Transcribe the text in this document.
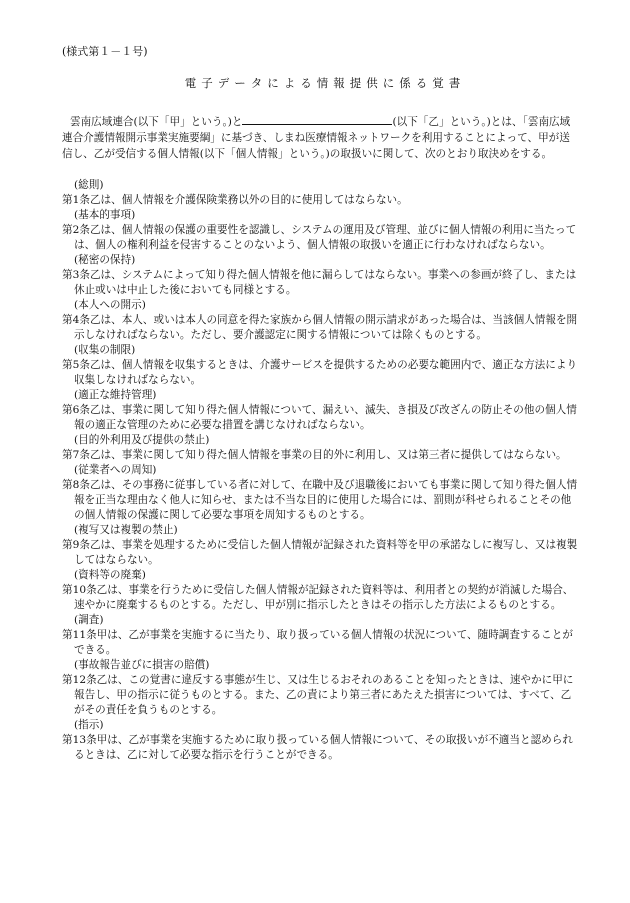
(様式第１－１号)

電子データによる情報提供に係る覚書

雲南広域連合(以下「甲」という。)と	(以下「乙」という。)とは、「雲南広域連合介護情報開示事業実施要綱」に基づき、しまね医療情報ネットワークを利用することによって、甲が送信し、乙が受信する個人情報(以下「個人情報」という。)の取扱いに関して、次のとおり取決めをする。

(総則)

第1条乙は、個人情報を介護保険業務以外の目的に使用してはならない。

(基本的事項)

第2条乙は、個人情報の保護の重要性を認識し、システムの運用及び管理、並びに個人情報の利用に当たっては、個人の権利利益を侵害することのないよう、個人情報の取扱いを適正に行わなければならない。

(秘密の保持)

第3条乙は、システムによって知り得た個人情報を他に漏らしてはならない。事業への参画が終了し、または休止或いは中止した後においても同様とする。

(本人への開示)

第4条乙は、本人、或いは本人の同意を得た家族から個人情報の開示請求があった場合は、当該個人情報を開示しなければならない。ただし、要介護認定に関する情報については除くものとする。

(収集の制限)

第5条乙は、個人情報を収集するときは、介護サービスを提供するための必要な範囲内で、適正な方法により収集しなければならない。

(適正な維持管理)

第6条乙は、事業に関して知り得た個人情報について、漏えい、滅失、き損及び改ざんの防止その他の個人情報の適正な管理のために必要な措置を講じなければならない。

(目的外利用及び提供の禁止)

第7条乙は、事業に関して知り得た個人情報を事業の目的外に利用し、又は第三者に提供してはならない。

(従業者への周知)

第8条乙は、その事務に従事している者に対して、在職中及び退職後においても事業に関して知り得た個人情報を正当な理由なく他人に知らせ、または不当な目的に使用した場合には、罰則が科せられることその他の個人情報の保護に関して必要な事項を周知するものとする。

(複写又は複製の禁止)

第9条乙は、事業を処理するために受信した個人情報が記録された資料等を甲の承諾なしに複写し、又は複製してはならない。

(資料等の廃棄)

第10条乙は、事業を行うために受信した個人情報が記録された資料等は、利用者との契約が消滅した場合、速やかに廃棄するものとする。ただし、甲が別に指示したときはその指示した方法によるものとする。

(調査)

第11条甲は、乙が事業を実施するに当たり、取り扱っている個人情報の状況について、随時調査することができる。

(事故報告並びに損害の賠償)

第12条乙は、この覚書に違反する事態が生じ、又は生じるおそれのあることを知ったときは、速やかに甲に報告し、甲の指示に従うものとする。また、乙の責により第三者にあたえた損害については、すべて、乙がその責任を負うものとする。

(指示)

第13条甲は、乙が事業を実施するために取り扱っている個人情報について、その取扱いが不適当と認められるときは、乙に対して必要な指示を行うことができる。
